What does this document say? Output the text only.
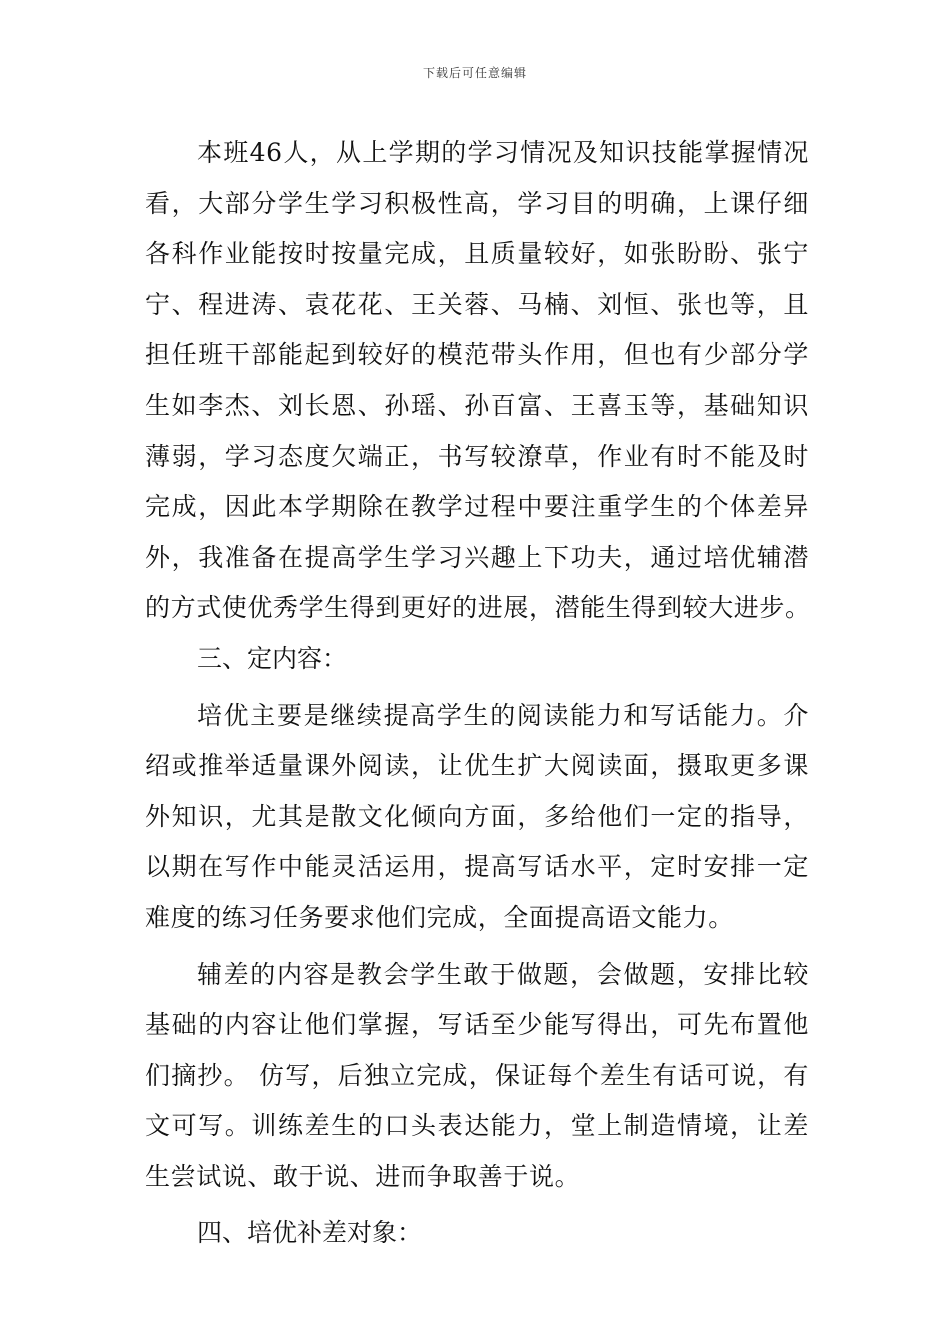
下载后可任意编辑
本班46人，从上学期的学习情况及知识技能掌握情况
看，大部分学生学习积极性高，学习目的明确，上课仔细
各科作业能按时按量完成，且质量较好，如张盼盼、张宁
宁、程进涛、袁花花、王关蓉、马楠、刘恒、张也等，且
担任班干部能起到较好的模范带头作用，但也有少部分学
生如李杰、刘长恩、孙瑶、孙百富、王喜玉等，基础知识
薄弱，学习态度欠端正，书写较潦草，作业有时不能及时
完成，因此本学期除在教学过程中要注重学生的个体差异
外，我准备在提高学生学习兴趣上下功夫，通过培优辅潜
的方式使优秀学生得到更好的进展，潜能生得到较大进步。
三、定内容：
培优主要是继续提高学生的阅读能力和写话能力。介
绍或推举适量课外阅读，让优生扩大阅读面，摄取更多课
外知识，尤其是散文化倾向方面，多给他们一定的指导，
以期在写作中能灵活运用，提高写话水平，定时安排一定
难度的练习任务要求他们完成，全面提高语文能力。
辅差的内容是教会学生敢于做题，会做题，安排比较
基础的内容让他们掌握，写话至少能写得出，可先布置他
们摘抄。 仿写，后独立完成，保证每个差生有话可说，有
文可写。训练差生的口头表达能力，堂上制造情境，让差
生尝试说、敢于说、进而争取善于说。
四、培优补差对象：
